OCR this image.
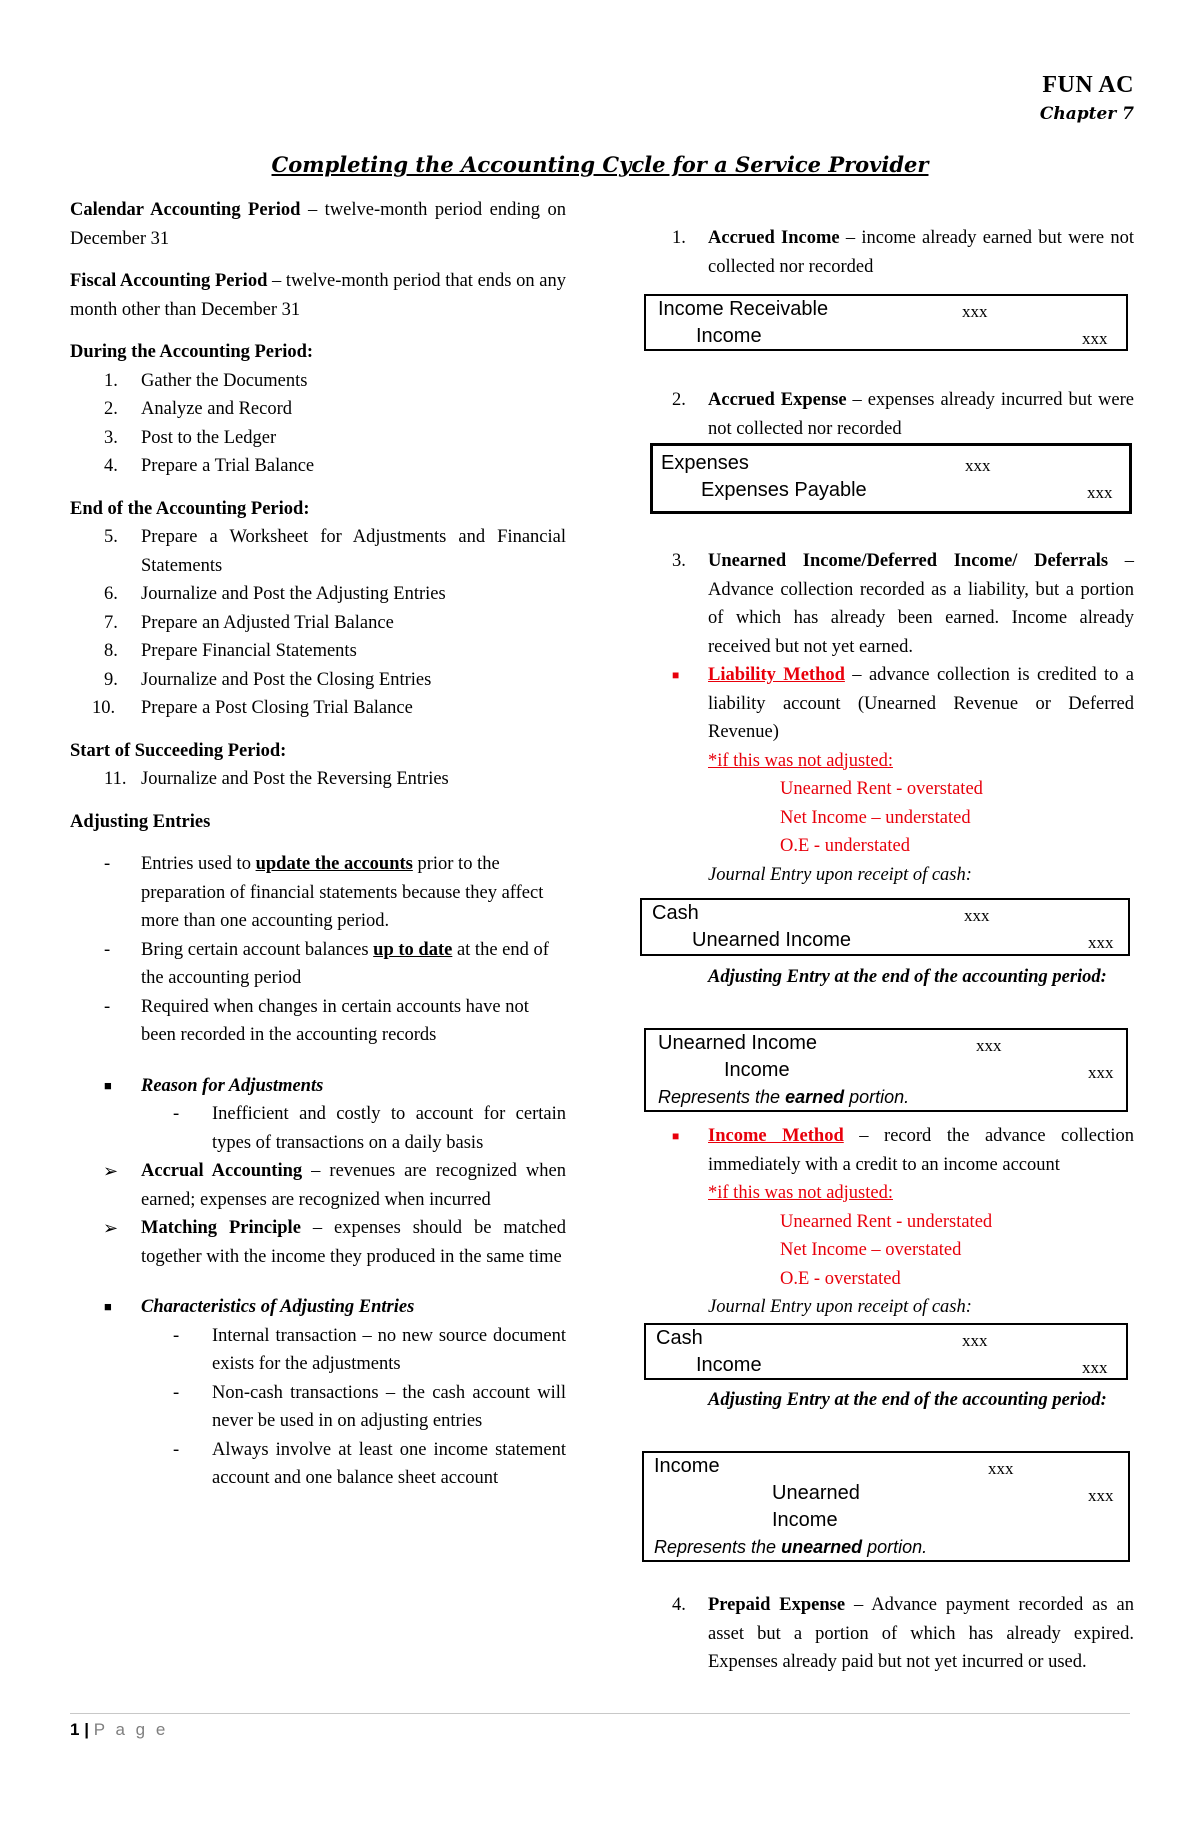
FUN AC
Chapter 7
Completing the Accounting Cycle for a Service Provider

Calendar Accounting Period – twelve-month period ending on December 31

Fiscal Accounting Period – twelve-month period that ends on any month other than December 31

During the Accounting Period:

1. Gather the Documents
2. Analyze and Record
3. Post to the Ledger
4. Prepare a Trial Balance

End of the Accounting Period:

5. Prepare a Worksheet for Adjustments and Financial Statements
6. Journalize and Post the Adjusting Entries
7. Prepare an Adjusted Trial Balance
8. Prepare Financial Statements
9. Journalize and Post the Closing Entries
10. Prepare a Post Closing Trial Balance

Start of Succeeding Period:

11. Journalize and Post the Reversing Entries

Adjusting Entries

- Entries used to update the accounts prior to the preparation of financial statements because they affect more than one accounting period.
- Bring certain account balances up to date at the end of the accounting period
- Required when changes in certain accounts have not been recorded in the accounting records
■ Reason for Adjustments
- Inefficient and costly to account for certain types of transactions on a daily basis
➢ Accrual Accounting – revenues are recognized when earned; expenses are recognized when incurred
➢ Matching Principle – expenses should be matched together with the income they produced in the same time
■ Characteristics of Adjusting Entries
- Internal transaction – no new source document exists for the adjustments
- Non-cash transactions – the cash account will never be used in on adjusting entries
- Always involve at least one income statement account and one balance sheet account
1. Accrued Income – income already earned but were not collected nor recorded
Income Receivable	xxx
Income	xxx
2. Accrued Expense – expenses already incurred but were not collected nor recorded
Expenses	xxx
Expenses Payable	xxx
3. Unearned Income/Deferred Income/ Deferrals – Advance collection recorded as a liability, but a portion of which has already been earned. Income already received but not yet earned.
■ Liability Method – advance collection is credited to a liability account (Unearned Revenue or Deferred Revenue)
*if this was not adjusted:
Unearned Rent - overstated
Net Income – understated
O.E - understated
Journal Entry upon receipt of cash:
Cash	xxx
Unearned Income	xxx
Adjusting Entry at the end of the accounting period:
Unearned Income	xxx
Income	xxx
Represents the earned portion.
■ Income Method – record the advance collection immediately with a credit to an income account
*if this was not adjusted:
Unearned Rent - understated
Net Income – overstated
O.E - overstated
Journal Entry upon receipt of cash:
Cash	xxx
Income	xxx
Adjusting Entry at the end of the accounting period:
Income	xxx
Unearned	xxx
Income
Represents the unearned portion.
4. Prepaid Expense – Advance payment recorded as an asset but a portion of which has already expired. Expenses already paid but not yet incurred or used.
1 | P a g e
